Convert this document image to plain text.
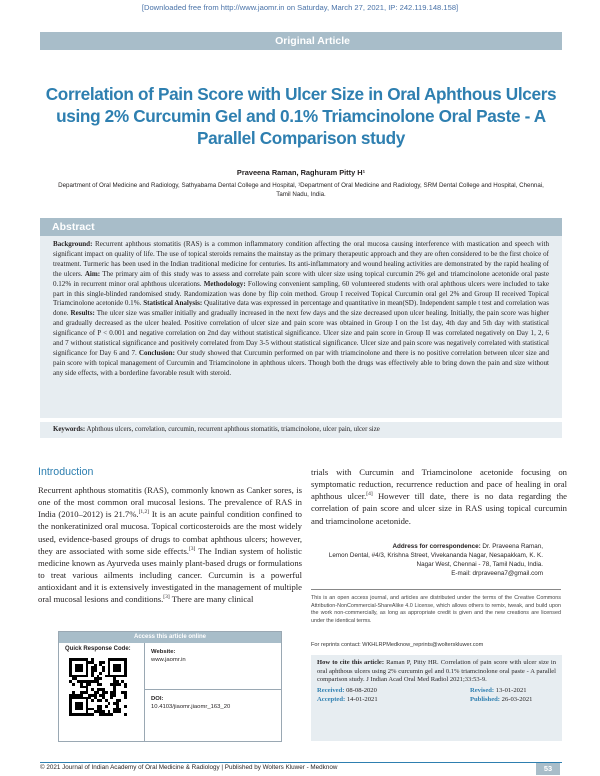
[Downloaded free from http://www.jaomr.in on Saturday, March 27, 2021, IP: 242.119.148.158]
Original Article
Correlation of Pain Score with Ulcer Size in Oral Aphthous Ulcers using 2% Curcumin Gel and 0.1% Triamcinolone Oral Paste - A Parallel Comparison study
Praveena Raman, Raghuram Pitty H¹
Department of Oral Medicine and Radiology, Sathyabama Dental College and Hospital, ¹Department of Oral Medicine and Radiology, SRM Dental College and Hospital, Chennai, Tamil Nadu, India.
Abstract
Background: Recurrent aphthous stomatitis (RAS) is a common inflammatory condition affecting the oral mucosa causing interference with mastication and speech with significant impact on quality of life. The use of topical steroids remains the mainstay as the primary therapeutic approach and they are often considered to be the first choice of treatment. Turmeric has been used in the Indian traditional medicine for centuries. Its anti-inflammatory and wound healing activities are demonstrated by the rapid healing of the ulcers. Aim: The primary aim of this study was to assess and correlate pain score with ulcer size using topical curcumin 2% gel and triamcinolone acetonide oral paste 0.12% in recurrent minor oral aphthous ulcerations. Methodology: Following convenient sampling, 60 volunteered students with oral aphthous ulcers were included to take part in this single-blinded randomised study. Randomization was done by flip coin method. Group I received Topical Curcumin oral gel 2% and Group II received Topical Triamcinolone acetonide 0.1%. Statistical Analysis: Qualitative data was expressed in percentage and quantitative in mean(SD). Independent sample t test and correlation was done. Results: The ulcer size was smaller initially and gradually increased in the next few days and the size decreased upon ulcer healing. Initially, the pain score was higher and gradually decreased as the ulcer healed. Positive correlation of ulcer size and pain score was obtained in Group I on the 1st day, 4th day and 5th day with statistical significance of P < 0.001 and negative correlation on 2nd day without statistical significance. Ulcer size and pain score in Group II was correlated negatively on Day 1, 2, 6 and 7 without statistical significance and positively correlated from Day 3-5 without statistical significance. Ulcer size and pain score was negatively correlated with statistical significance for Day 6 and 7. Conclusion: Our study showed that Curcumin performed on par with triamcinolone and there is no positive correlation between ulcer size and pain score with topical management of Curcumin and Triamcinolone in aphthous ulcers. Though both the drugs was effectively able to bring down the pain and size without any side effects, with a borderline favorable result with steroid.
Keywords: Aphthous ulcers, correlation, curcumin, recurrent aphthous stomatitis, triamcinolone, ulcer pain, ulcer size
Introduction
Recurrent aphthous stomatitis (RAS), commonly known as Canker sores, is one of the most common oral mucosal lesions. The prevalence of RAS in India (2010–2012) is 21.7%.[1,2] It is an acute painful condition confined to the nonkeratinized oral mucosa. Topical corticosteroids are the most widely used, evidence-based groups of drugs to combat aphthous ulcers; however, they are associated with some side effects.[3] The Indian system of holistic medicine known as Ayurveda uses mainly plant-based drugs or formulations to treat various ailments including cancer. Curcumin is a powerful antioxidant and it is extensively investigated in the management of multiple oral mucosal lesions and conditions.[3] There are many clinical
trials with Curcumin and Triamcinolone acetonide focusing on symptomatic reduction, recurrence reduction and pace of healing in oral aphthous ulcer.[4] However till date, there is no data regarding the correlation of pain score and ulcer size in RAS using topical curcumin and triamcinolone acetonide.
Address for correspondence: Dr. Praveena Raman,
Lemon Dental, #4/3, Krishna Street, Vivekananda Nagar, Nesapakkam, K. K. Nagar West, Chennai - 78, Tamil Nadu, India.
E-mail: drpraveena7@gmail.com
This is an open access journal, and articles are distributed under the terms of the Creative Commons Attribution-NonCommercial-ShareAlike 4.0 License, which allows others to remix, tweak, and build upon the work non-commercially, as long as appropriate credit is given and the new creations are licensed under the identical terms.
For reprints contact: WKHLRPMedknow_reprints@wolterskluwer.com
How to cite this article: Raman P, Pitty HR. Correlation of pain score with ulcer size in oral aphthous ulcers using 2% curcumin gel and 0.1% triamcinolone oral paste - A parallel comparison study. J Indian Acad Oral Med Radiol 2021;33:53-9.
Received: 08-08-2020	Revised: 13-01-2021
Accepted: 14-01-2021	Published: 26-03-2021
Access this article online
Quick Response Code:	Website:
www.jaomr.in
DOI:
10.4103/jiaomr.jiaomr_163_20
© 2021 Journal of Indian Academy of Oral Medicine & Radiology | Published by Wolters Kluwer - Medknow	53
